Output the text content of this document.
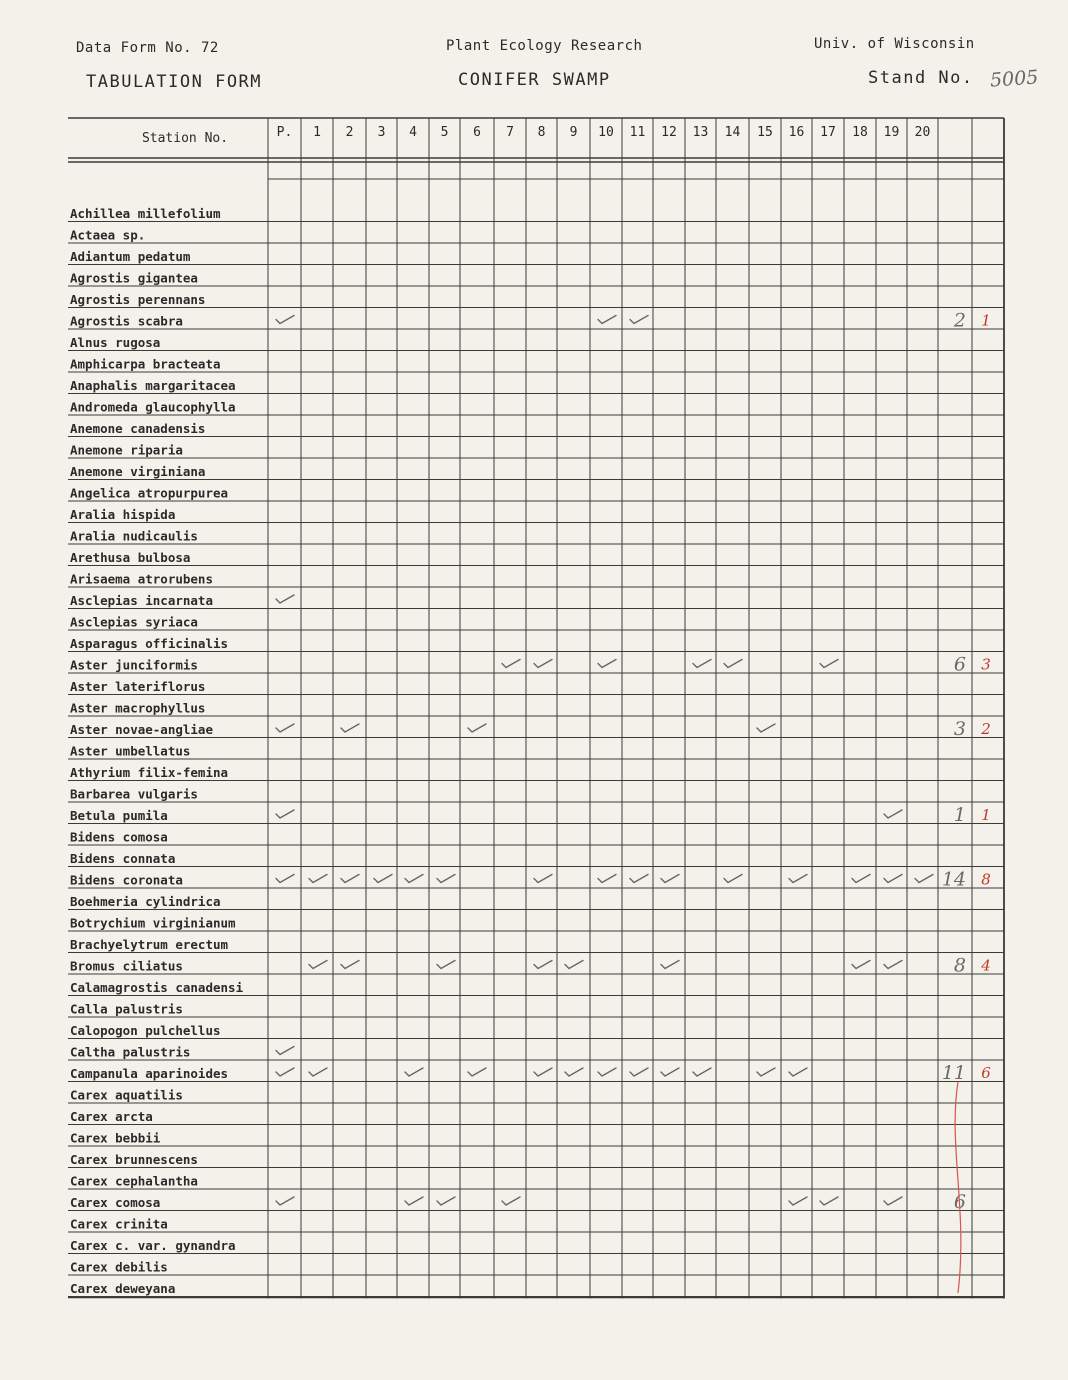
Data Form No. 72	Plant Ecology Research	Univ. of Wisconsin
TABULATION FORM	CONIFER SWAMP	Stand No. 5005
Station No.	P. 1 2 3 4 5 6 7 8 9 10 11 12 13 14 15 16 17 18 19 20
Achillea millefolium
Actaea sp.
Adiantum pedatum
Agrostis gigantea
Agrostis perennans
Agrostis scabra	2 1
Alnus rugosa
Amphicarpa bracteata
Anaphalis margaritacea
Andromeda glaucophylla
Anemone canadensis
Anemone riparia
Anemone virginiana
Angelica atropurpurea
Aralia hispida
Aralia nudicaulis
Arethusa bulbosa
Arisaema atrorubens
Asclepias incarnata
Asclepias syriaca
Asparagus officinalis
Aster junciformis	6 3
Aster lateriflorus
Aster macrophyllus
Aster novae-angliae	3 2
Aster umbellatus
Athyrium filix-femina
Barbarea vulgaris
Betula pumila	1 1
Bidens comosa
Bidens connata
Bidens coronata	14 8
Boehmeria cylindrica
Botrychium virginianum
Brachyelytrum erectum
Bromus ciliatus	8 4
Calamagrostis canadensi
Calla palustris
Calopogon pulchellus
Caltha palustris
Campanula aparinoides	11 6
Carex aquatilis
Carex arcta
Carex bebbii
Carex brunnescens
Carex cephalantha
Carex comosa	6
Carex crinita
Carex c. var. gynandra
Carex debilis
Carex deweyana
